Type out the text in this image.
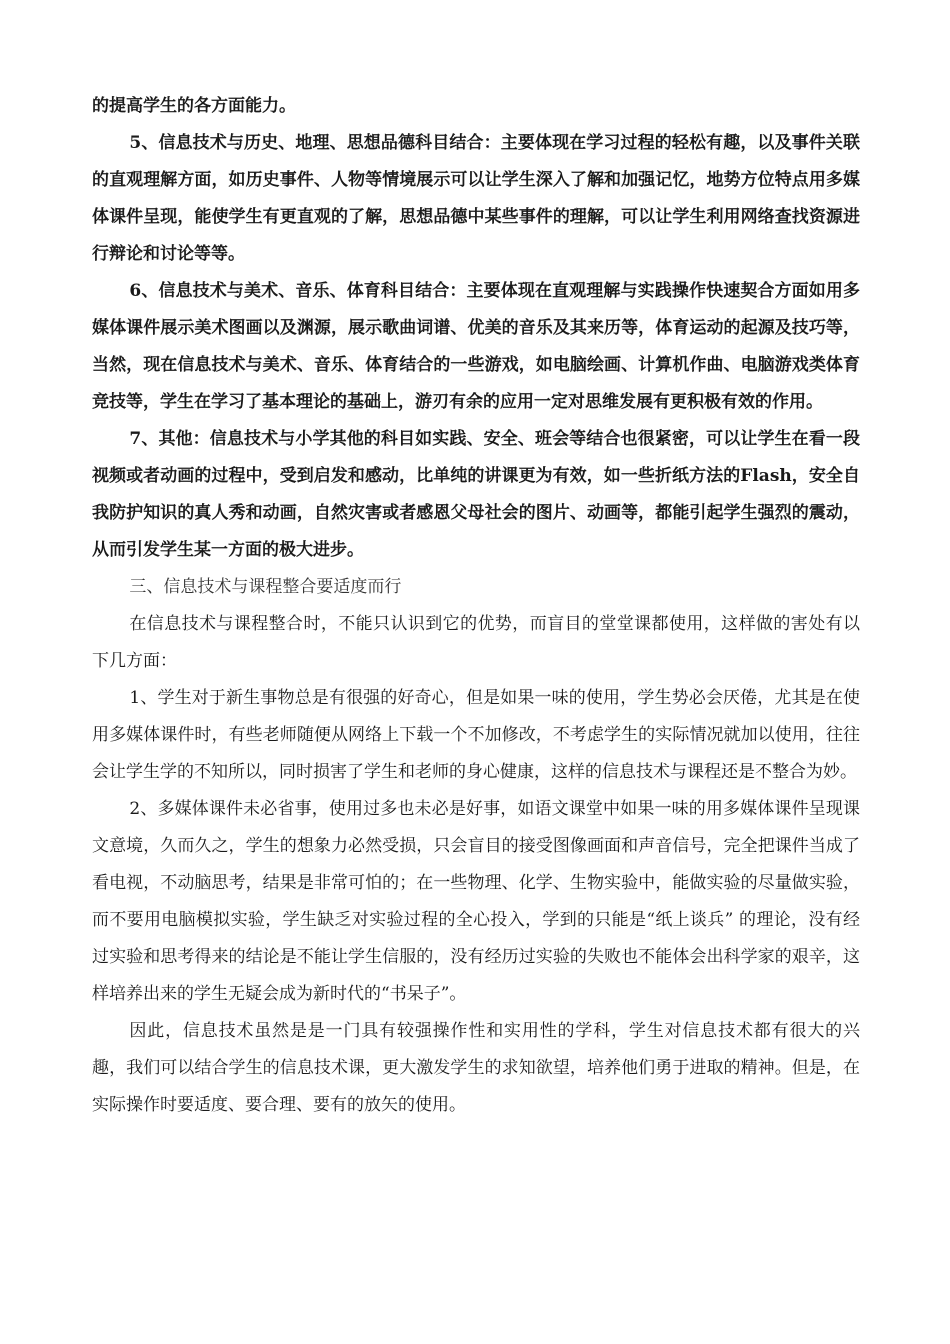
的提高学生的各方面能力。

5、信息技术与历史、地理、思想品德科目结合：主要体现在学习过程的轻松有趣，以及事件关联的直观理解方面，如历史事件、人物等情境展示可以让学生深入了解和加强记忆，地势方位特点用多媒体课件呈现，能使学生有更直观的了解，思想品德中某些事件的理解，可以让学生利用网络查找资源进行辩论和讨论等等。

6、信息技术与美术、音乐、体育科目结合：主要体现在直观理解与实践操作快速契合方面如用多媒体课件展示美术图画以及渊源，展示歌曲词谱、优美的音乐及其来历等，体育运动的起源及技巧等，当然，现在信息技术与美术、音乐、体育结合的一些游戏，如电脑绘画、计算机作曲、电脑游戏类体育竞技等，学生在学习了基本理论的基础上，游刃有余的应用一定对思维发展有更积极有效的作用。

7、其他：信息技术与小学其他的科目如实践、安全、班会等结合也很紧密，可以让学生在看一段视频或者动画的过程中，受到启发和感动，比单纯的讲课更为有效，如一些折纸方法的Flash，安全自我防护知识的真人秀和动画，自然灾害或者感恩父母社会的图片、动画等，都能引起学生强烈的震动，从而引发学生某一方面的极大进步。

三、信息技术与课程整合要适度而行

在信息技术与课程整合时，不能只认识到它的优势，而盲目的堂堂课都使用，这样做的害处有以下几方面：

1、学生对于新生事物总是有很强的好奇心，但是如果一味的使用，学生势必会厌倦，尤其是在使用多媒体课件时，有些老师随便从网络上下载一个不加修改，不考虑学生的实际情况就加以使用，往往会让学生学的不知所以，同时损害了学生和老师的身心健康，这样的信息技术与课程还是不整合为妙。

2、多媒体课件未必省事，使用过多也未必是好事，如语文课堂中如果一味的用多媒体课件呈现课文意境，久而久之，学生的想象力必然受损，只会盲目的接受图像画面和声音信号，完全把课件当成了看电视，不动脑思考，结果是非常可怕的；在一些物理、化学、生物实验中，能做实验的尽量做实验，而不要用电脑模拟实验，学生缺乏对实验过程的全心投入，学到的只能是“纸上谈兵” 的理论，没有经过实验和思考得来的结论是不能让学生信服的，没有经历过实验的失败也不能体会出科学家的艰辛，这样培养出来的学生无疑会成为新时代的“书呆子”。

因此，信息技术虽然是是一门具有较强操作性和实用性的学科，学生对信息技术都有很大的兴趣，我们可以结合学生的信息技术课，更大激发学生的求知欲望，培养他们勇于进取的精神。但是，在实际操作时要适度、要合理、要有的放矢的使用。
